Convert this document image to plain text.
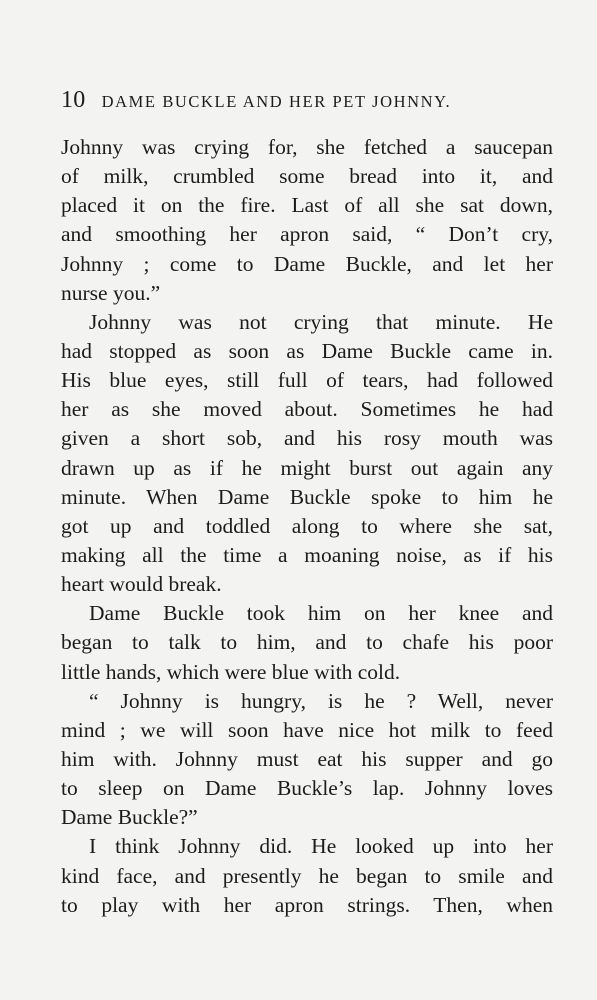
10 DAME BUCKLE AND HER PET JOHNNY.
Johnny was crying for, she fetched a saucepan
of milk, crumbled some bread into it, and
placed it on the fire. Last of all she sat down,
and smoothing her apron said, “ Don’t cry,
Johnny ; come to Dame Buckle, and let her
nurse you.”
Johnny was not crying that minute. He
had stopped as soon as Dame Buckle came in.
His blue eyes, still full of tears, had followed
her as she moved about. Sometimes he had
given a short sob, and his rosy mouth was
drawn up as if he might burst out again any
minute. When Dame Buckle spoke to him he
got up and toddled along to where she sat,
making all the time a moaning noise, as if his
heart would break.
Dame Buckle took him on her knee and
began to talk to him, and to chafe his poor
little hands, which were blue with cold.
“ Johnny is hungry, is he ? Well, never
mind ; we will soon have nice hot milk to feed
him with. Johnny must eat his supper and go
to sleep on Dame Buckle’s lap. Johnny loves
Dame Buckle?”
I think Johnny did. He looked up into her
kind face, and presently he began to smile and
to play with her apron strings. Then, when
